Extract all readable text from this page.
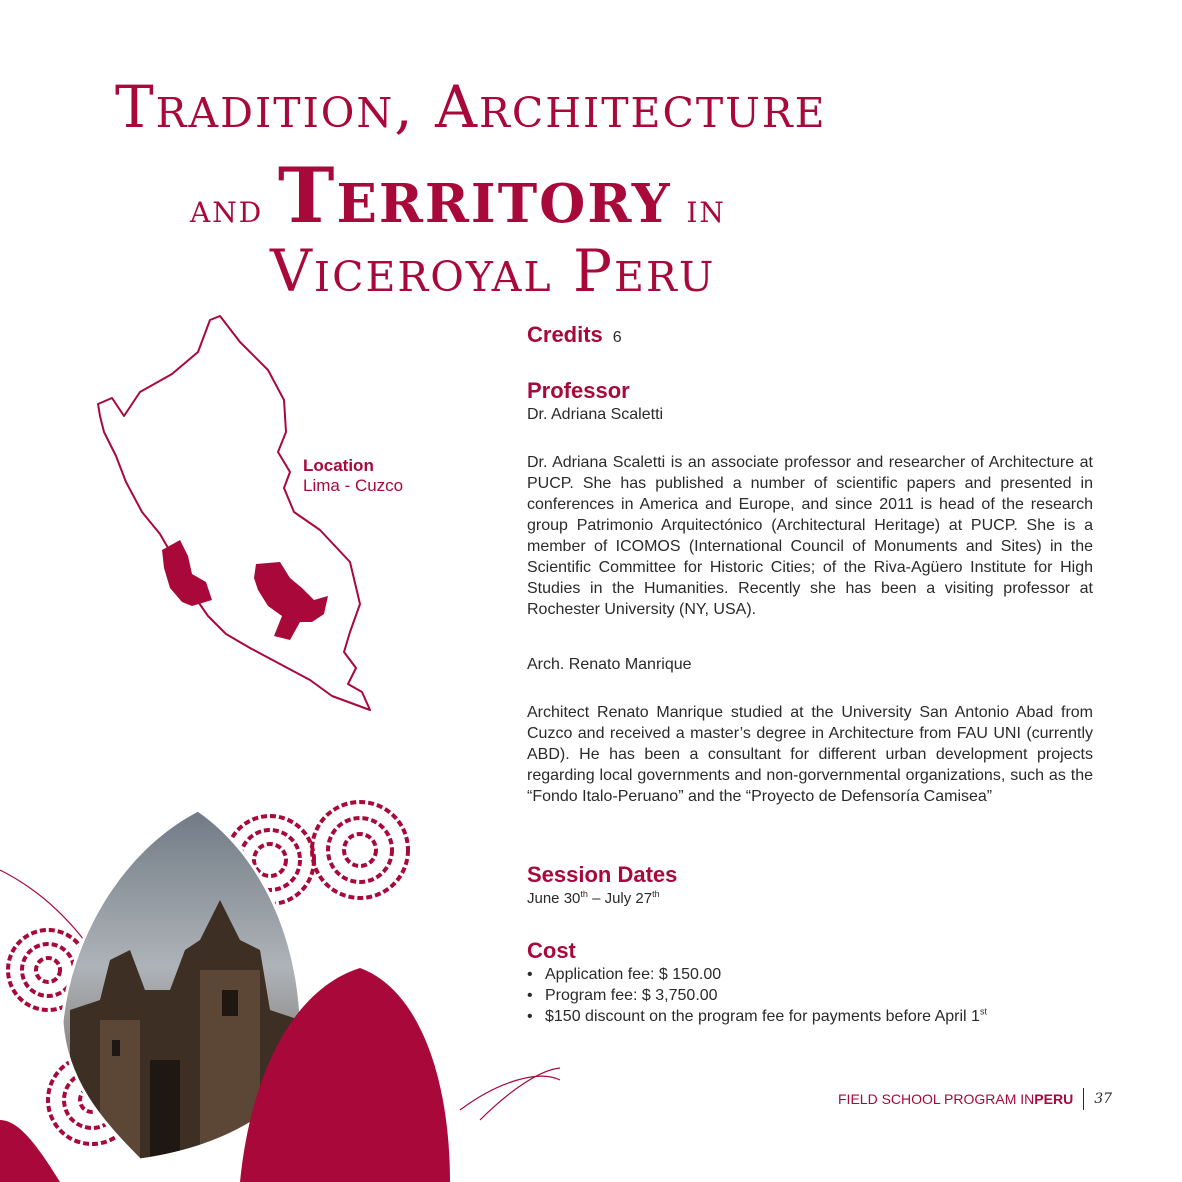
Tradition, Architecture
and Territory in
Viceroyal Peru
Location
Lima - Cuzco
Credits 6
Professor
Dr. Adriana Scaletti
Dr. Adriana Scaletti is an associate professor and researcher of Architecture at PUCP. She has published a number of scientific papers and presented in conferences in America and Europe, and since 2011 is head of the research group Patrimonio Arquitectónico (Architectural Heritage) at PUCP. She is a member of ICOMOS (International Council of Monuments and Sites) in the Scientific Committee for Historic Cities; of the Riva-Agüero Institute for High Studies in the Humanities. Recently she has been a visiting professor at Rochester University (NY, USA).
Arch. Renato Manrique
Architect Renato Manrique studied at the University San Antonio Abad from Cuzco and received a master’s degree in Architecture from FAU UNI (currently ABD). He has been a consultant for different urban development projects regarding local governments and non-gorvernmental organizations, such as the “Fondo Italo-Peruano” and the “Proyecto de Defensoría Camisea”
Session Dates
June 30th – July 27th
Cost
• Application fee: $ 150.00
• Program fee: $ 3,750.00
• $150 discount on the program fee for payments before April 1st
FIELD SCHOOL PROGRAM IN PERU 37
